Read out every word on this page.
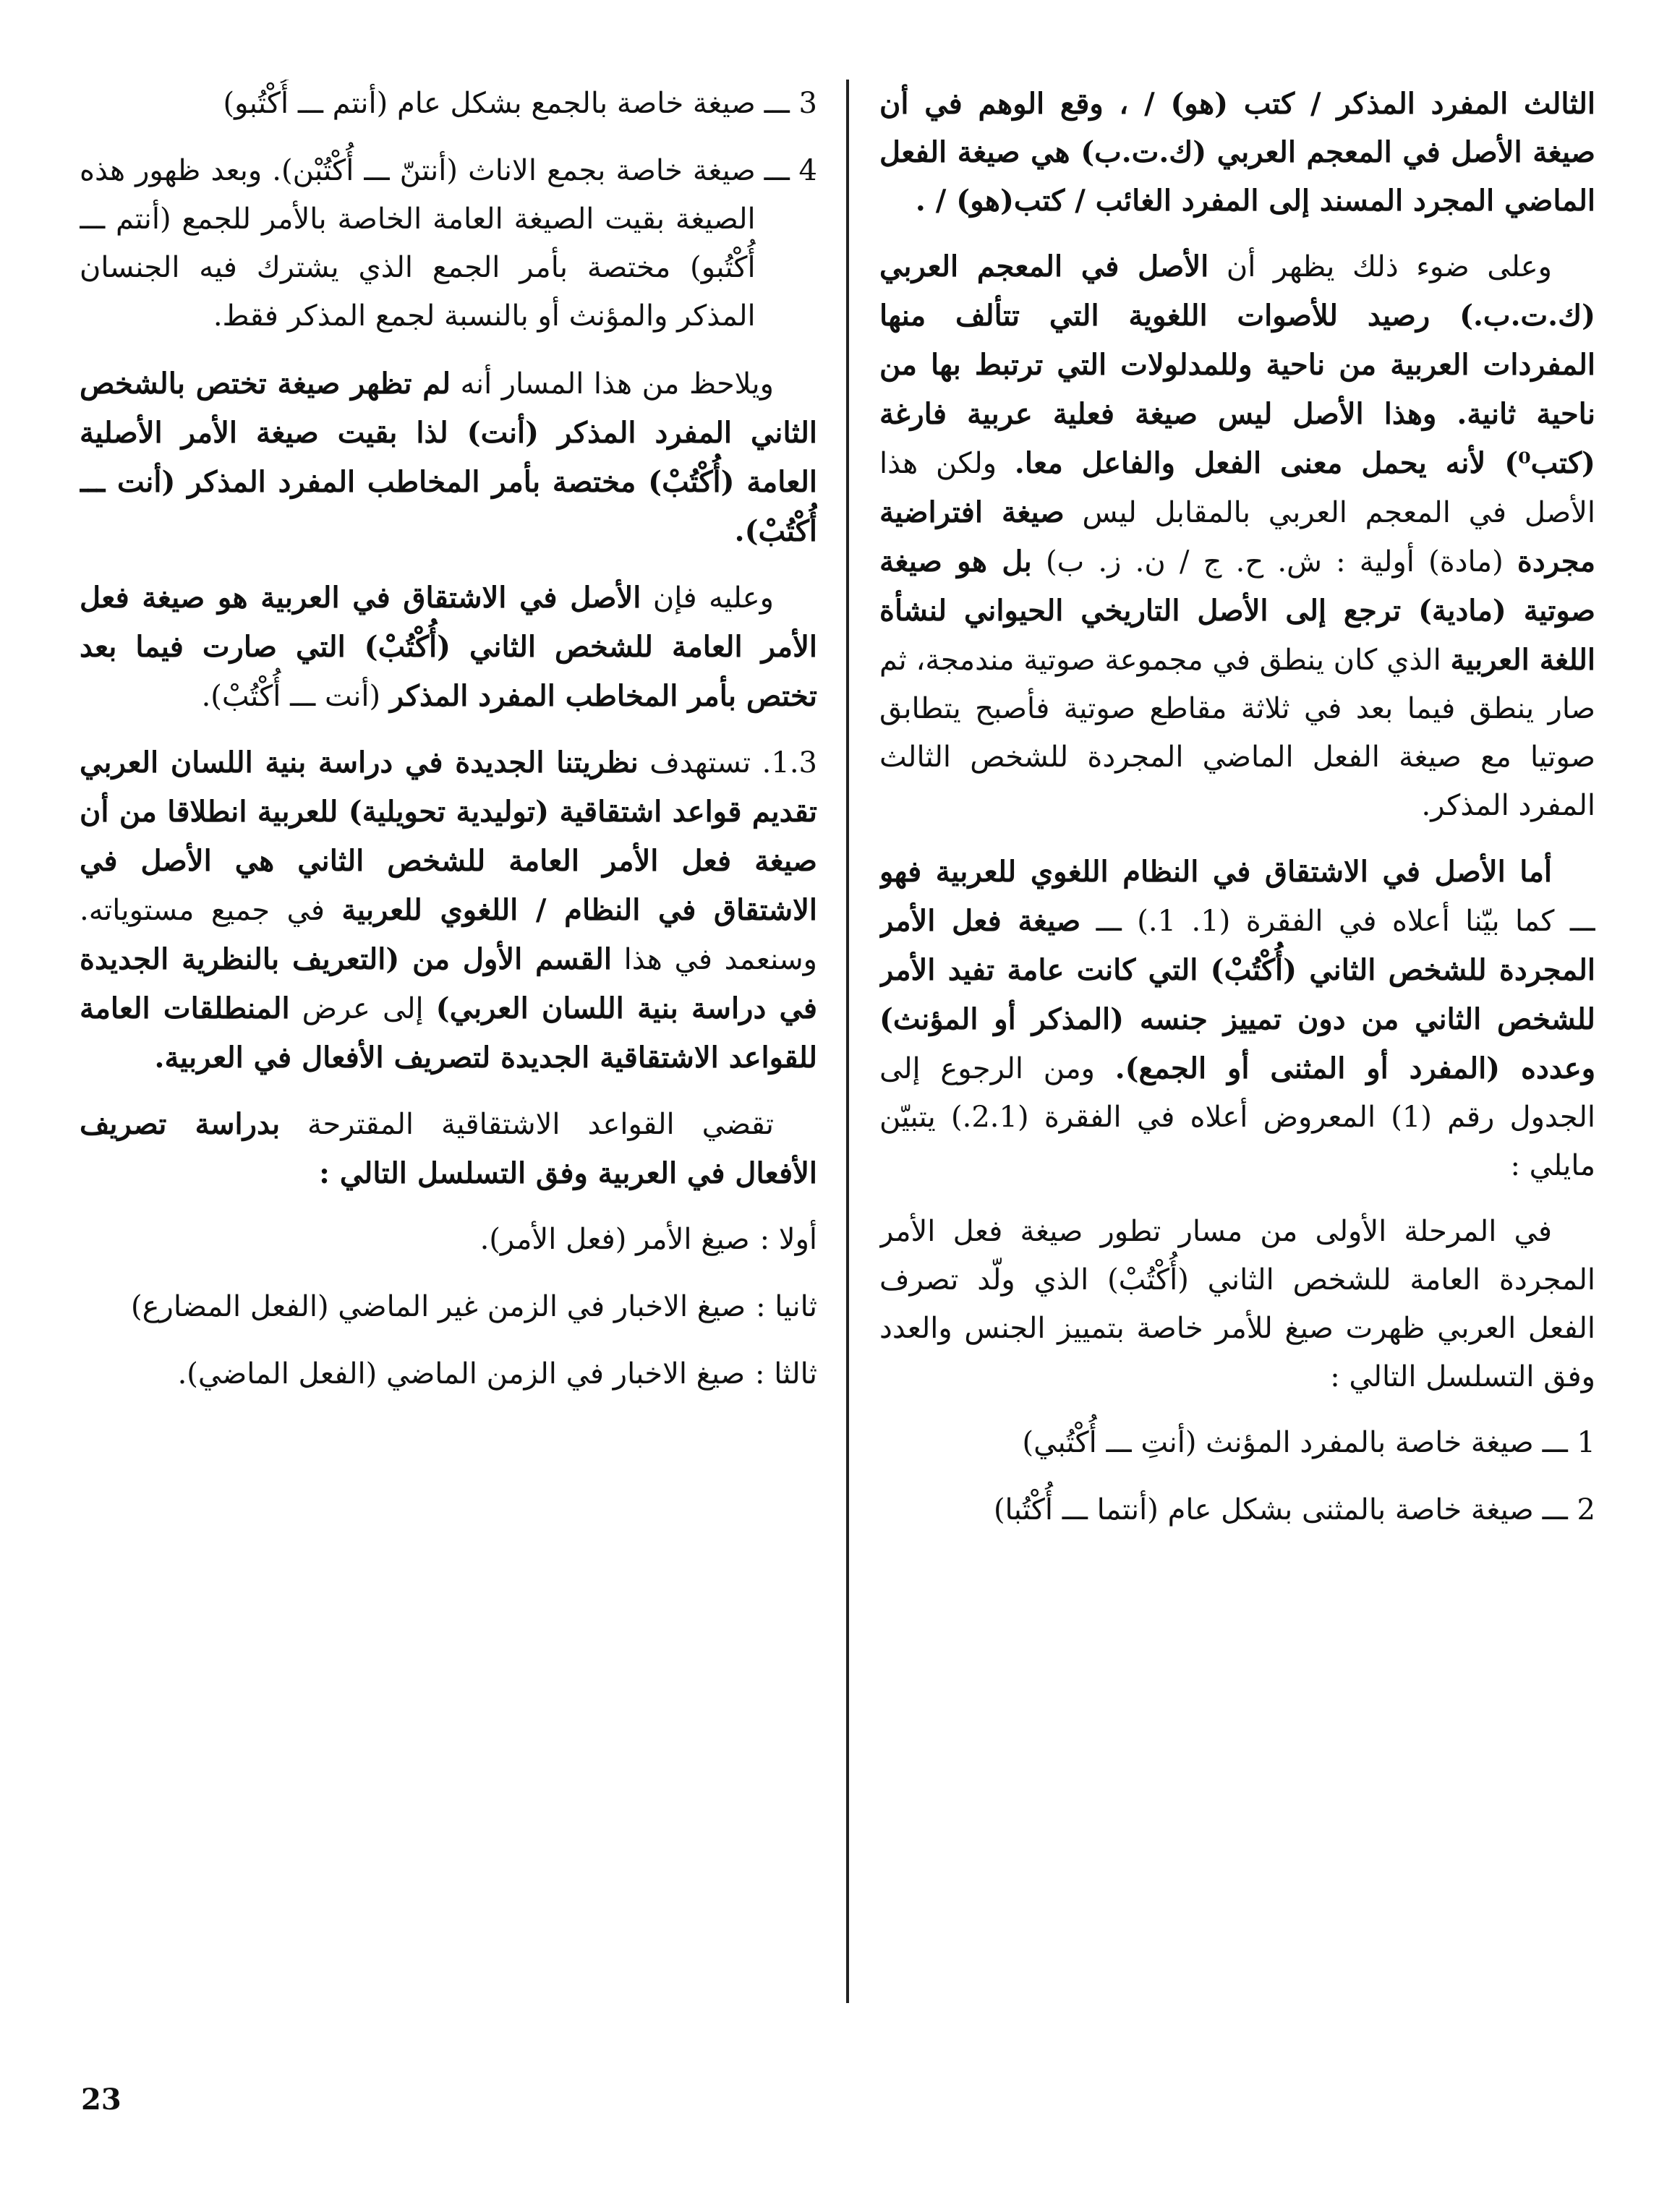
الثالث المفرد المذكر / كتب (هو) / ، وقع الوهم في أن صيغة الأصل في المعجم العربي (ك.ت.ب) هي صيغة الفعل الماضي المجرد المسند إلى المفرد الغائب / كتب(هو) / .

وعلى ضوء ذلك يظهر أن الأصل في المعجم العربي (ك.ت.ب.) رصيد للأصوات اللغوية التي تتألف منها المفردات العربية من ناحية وللمدلولات التي ترتبط بها من ناحية ثانية. وهذا الأصل ليس صيغة فعلية عربية فارغة (كتب⁰) لأنه يحمل معنى الفعل والفاعل معا. ولكن هذا الأصل في المعجم العربي بالمقابل ليس صيغة افتراضية مجردة (مادة) أولية : ش. ح. ج / ن. ز. ب) بل هو صيغة صوتية (مادية) ترجع إلى الأصل التاريخي الحيواني لنشأة اللغة العربية الذي كان ينطق في مجموعة صوتية مندمجة، ثم صار ينطق فيما بعد في ثلاثة مقاطع صوتية فأصبح يتطابق صوتيا مع صيغة الفعل الماضي المجردة للشخص الثالث المفرد المذكر.

أما الأصل في الاشتقاق في النظام اللغوي للعربية فهو ـــ كما بيّنا أعلاه في الفقرة (1. 1.) ـــ صيغة فعل الأمر المجردة للشخص الثاني (أُكْتُبْ) التي كانت عامة تفيد الأمر للشخص الثاني من دون تمييز جنسه (المذكر أو المؤنث) وعدده (المفرد أو المثنى أو الجمع). ومن الرجوع إلى الجدول رقم (1) المعروض أعلاه في الفقرة (2.1.) يتبيّن مايلي :

في المرحلة الأولى من مسار تطور صيغة فعل الأمر المجردة العامة للشخص الثاني (أُكْتُبْ) الذي ولّد تصرف الفعل العربي ظهرت صيغ للأمر خاصة بتمييز الجنس والعدد وفق التسلسل التالي :

1 ـــ
صيغة خاصة بالمفرد المؤنث (أنتِ ـــ أُكْتُبي)
2 ـــ
صيغة خاصة بالمثنى بشكل عام (أنتما ـــ أُكْتُبا)
3 ـــ
صيغة خاصة بالجمع بشكل عام (أنتم ـــ أُكْتُبو)
4 ـــ
صيغة خاصة بجمع الاناث (أنتنّ ـــ أُكْتُبْن). وبعد ظهور هذه الصيغة بقيت الصيغة العامة الخاصة بالأمر للجمع (أنتم ـــ أُكْتُبو) مختصة بأمر الجمع الذي يشترك فيه الجنسان المذكر والمؤنث أو بالنسبة لجمع المذكر فقط.

ويلاحظ من هذا المسار أنه لم تظهر صيغة تختص بالشخص الثاني المفرد المذكر (أنت) لذا بقيت صيغة الأمر الأصلية العامة (أُكْتُبْ) مختصة بأمر المخاطب المفرد المذكر (أنت ـــ أُكْتُبْ).

وعليه فإن الأصل في الاشتقاق في العربية هو صيغة فعل الأمر العامة للشخص الثاني (أُكْتُبْ) التي صارت فيما بعد تختص بأمر المخاطب المفرد المذكر (أنت ـــ أُكْتُبْ).

1.3. تستهدف نظريتنا الجديدة في دراسة بنية اللسان العربي تقديم قواعد اشتقاقية (توليدية تحويلية) للعربية انطلاقا من أن صيغة فعل الأمر العامة للشخص الثاني هي الأصل في الاشتقاق في النظام / اللغوي للعربية في جميع مستوياته. وسنعمد في هذا القسم الأول من (التعريف بالنظرية الجديدة في دراسة بنية اللسان العربي) إلى عرض المنطلقات العامة للقواعد الاشتقاقية الجديدة لتصريف الأفعال في العربية.

تقضي القواعد الاشتقاقية المقترحة بدراسة تصريف الأفعال في العربية وفق التسلسل التالي :

أولا :
صيغ الأمر (فعل الأمر).
ثانيا :
صيغ الاخبار في الزمن غير الماضي (الفعل المضارع)
ثالثا :
صيغ الاخبار في الزمن الماضي (الفعل الماضي).
23
